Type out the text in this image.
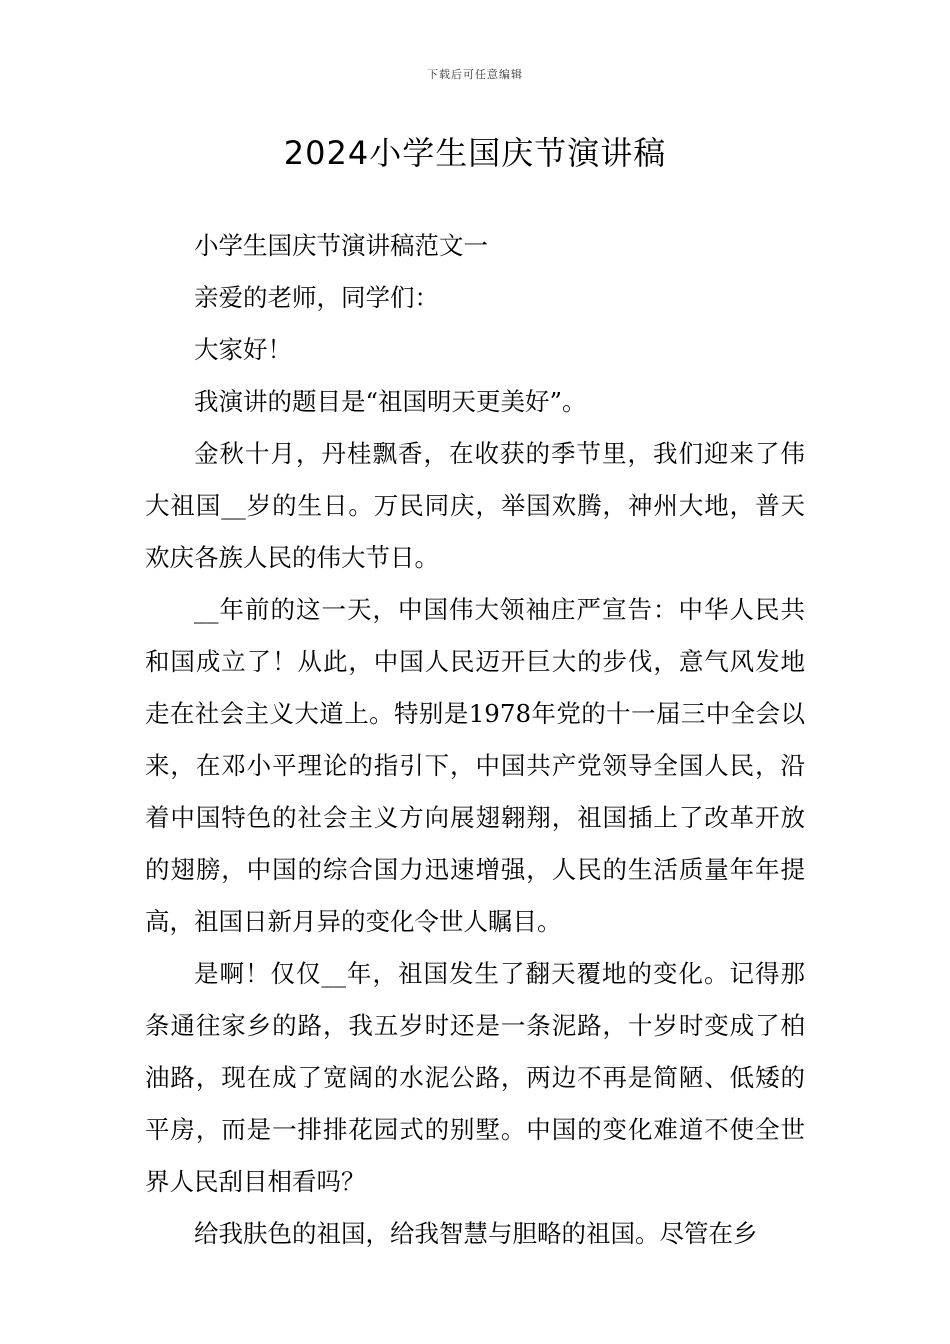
下载后可任意编辑
2024小学生国庆节演讲稿

小学生国庆节演讲稿范文一

亲爱的老师，同学们：

大家好！

我演讲的题目是“祖国明天更美好”。

金秋十月，丹桂飘香，在收获的季节里，我们迎来了伟大祖国__岁的生日。万民同庆，举国欢腾，神州大地，普天欢庆各族人民的伟大节日。

__年前的这一天，中国伟大领袖庄严宣告：中华人民共和国成立了！从此，中国人民迈开巨大的步伐，意气风发地走在社会主义大道上。特别是1978年党的十一届三中全会以来，在邓小平理论的指引下，中国共产党领导全国人民，沿着中国特色的社会主义方向展翅翱翔，祖国插上了改革开放的翅膀，中国的综合国力迅速增强，人民的生活质量年年提高，祖国日新月异的变化令世人瞩目。

是啊！仅仅__年，祖国发生了翻天覆地的变化。记得那条通往家乡的路，我五岁时还是一条泥路，十岁时变成了柏油路，现在成了宽阔的水泥公路，两边不再是简陋、低矮的平房，而是一排排花园式的别墅。中国的变化难道不使全世界人民刮目相看吗？

给我肤色的祖国，给我智慧与胆略的祖国。尽管在乡
